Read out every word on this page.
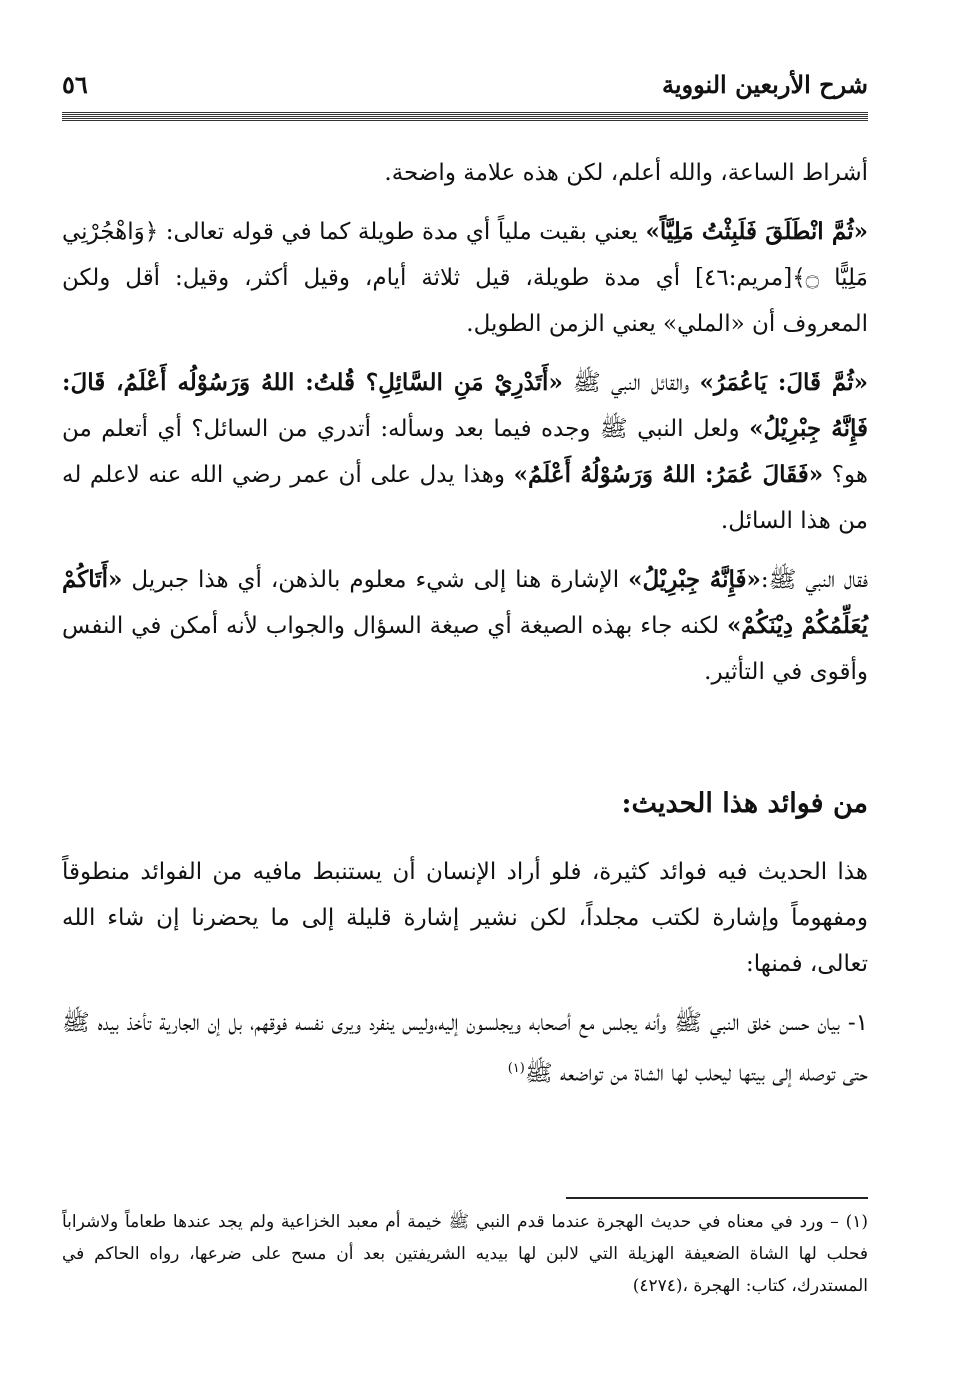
شرح الأربعين النووية
٥٦

أشراط الساعة، والله أعلم، لكن هذه علامة واضحة.

«ثُمَّ انْطَلَقَ فَلَبِثْتُ مَلِيَّاً» يعني بقيت ملياً أي مدة طويلة كما في قوله تعالى: ﴿وَاهْجُرْنِي مَلِيًّا ۝﴾[مريم:٤٦] أي مدة طويلة، قيل ثلاثة أيام، وقيل أكثر، وقيل: أقل ولكن المعروف أن «الملي» يعني الزمن الطويل.

«ثُمَّ قَالَ: يَاعُمَرُ» والقائل النبي ﷺ «أَتَدْرِيْ مَنِ السَّائِلِ؟ قُلتُ: اللهُ وَرَسُوْلُه أَعْلَمُ، قَالَ: فَإِنَّهُ جِبْرِيْلُ» ولعل النبي ﷺ وجده فيما بعد وسأله: أتدري من السائل؟ أي أتعلم من هو؟ «فَقَالَ عُمَرُ: اللهُ وَرَسُوْلُهُ أَعْلَمُ» وهذا يدل على أن عمر رضي الله عنه لاعلم له من هذا السائل.

فقال النبي ﷺ:«فَإِنَّهُ جِبْرِيْلُ» الإشارة هنا إلى شيء معلوم بالذهن، أي هذا جبريل «أَتَاكُمْ يُعَلِّمُكُمْ دِيْنَكُمْ» لكنه جاء بهذه الصيغة أي صيغة السؤال والجواب لأنه أمكن في النفس وأقوى في التأثير.

من فوائد هذا الحديث:

هذا الحديث فيه فوائد كثيرة، فلو أراد الإنسان أن يستنبط مافيه من الفوائد منطوقاً ومفهوماً وإشارة لكتب مجلداً، لكن نشير إشارة قليلة إلى ما يحضرنا إن شاء الله تعالى، فمنها:

١- بيان حسن خلق النبي ﷺ وأنه يجلس مع أصحابه ويجلسون إليه،وليس ينفرد ويرى نفسه فوقهم، بل إن الجارية تأخذ بيده ﷺ حتى توصله إلى بيتها ليحلب لها الشاة من تواضعه ﷺ$^{(١)}$

(١) – ورد في معناه في حديث الهجرة عندما قدم النبي ﷺ خيمة أم معبد الخزاعية ولم يجد عندها طعاماً ولاشراباً فحلب لها الشاة الضعيفة الهزيلة التي لالبن لها بيديه الشريفتين بعد أن مسح على ضرعها، رواه الحاكم في المستدرك، كتاب: الهجرة ،(٤٢٧٤)
